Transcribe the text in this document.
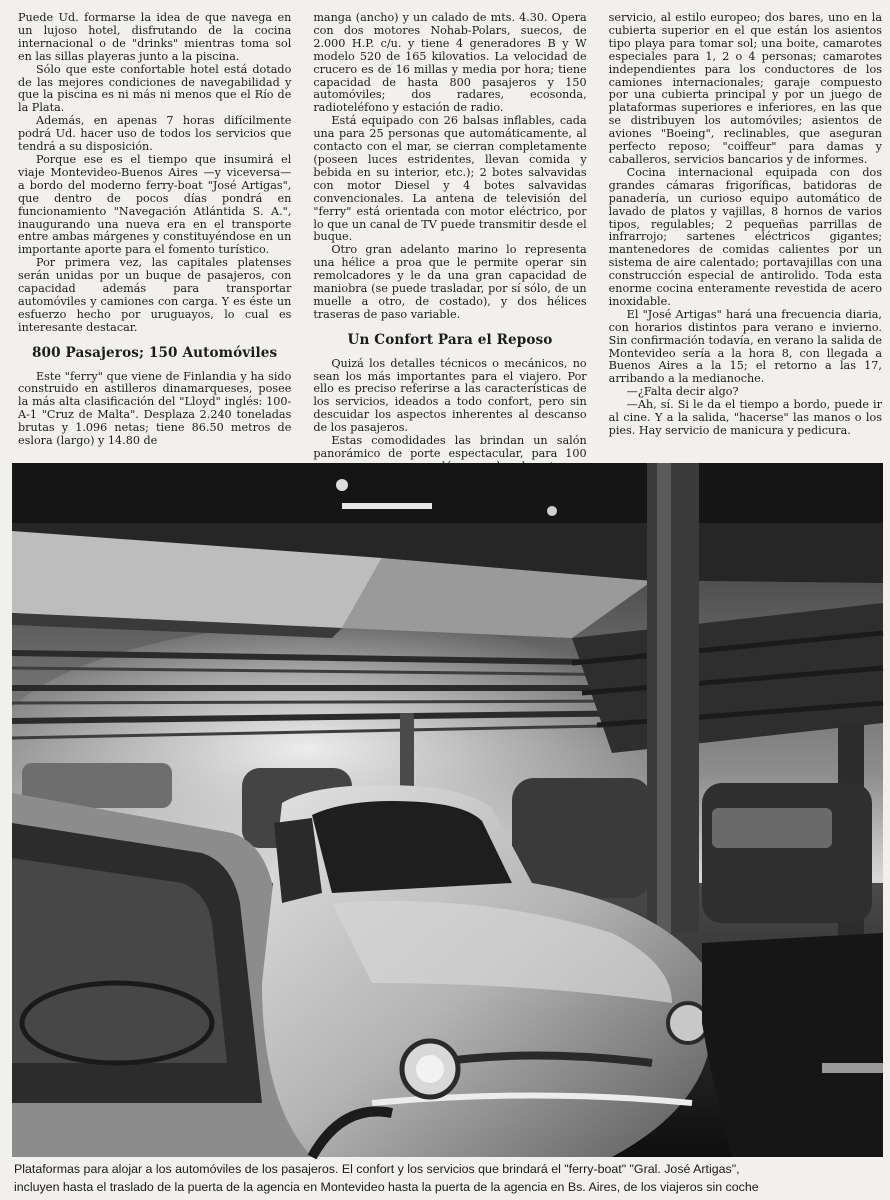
Puede Ud. formarse la idea de que navega en un lujoso hotel, disfrutando de la cocina internacional o de "drinks" mientras toma sol en las sillas playeras junto a la piscina.

Sólo que este confortable hotel está dotado de las mejores condiciones de navegabilidad y que la piscina es ni más ni menos que el Río de la Plata.

Además, en apenas 7 horas difícilmente podrá Ud. hacer uso de todos los servicios que tendrá a su disposición.

Porque ese es el tiempo que insumirá el viaje Montevideo-Buenos Aires —y viceversa— a bordo del moderno ferry-boat "José Artigas", que dentro de pocos días pondrá en funcionamiento "Navegación Atlántida S. A.", inaugurando una nueva era en el transporte entre ambas márgenes y constituyéndose en un importante aporte para el fomento turístico.

Por primera vez, las capitales platenses serán unidas por un buque de pasajeros, con capacidad además para transportar automóviles y camiones con carga. Y es éste un esfuerzo hecho por uruguayos, lo cual es interesante destacar.

800 Pasajeros; 150 Automóviles

Este "ferry" que viene de Finlandia y ha sido construido en astilleros dinamarqueses, posee la más alta clasificación del "Lloyd" inglés: 100-A-1 "Cruz de Malta". Desplaza 2.240 toneladas brutas y 1.096 netas; tiene 86.50 metros de eslora (largo) y 14.80 de

manga (ancho) y un calado de mts. 4.30. Opera con dos motores Nohab-Polars, suecos, de 2.000 H.P. c/u. y tiene 4 generadores B y W modelo 520 de 165 kilovatios. La velocidad de crucero es de 16 millas y media por hora; tiene capacidad de hasta 800 pasajeros y 150 automóviles; dos radares, ecosonda, radioteléfono y estación de radio.

Está equipado con 26 balsas inflables, cada una para 25 personas que automáticamente, al contacto con el mar, se cierran completamente (poseen luces estridentes, llevan comida y bebida en su interior, etc.); 2 botes salvavidas con motor Diesel y 4 botes salvavidas convencionales. La antena de televisión del "ferry" está orientada con motor eléctrico, por lo que un canal de TV puede transmitir desde el buque.

Otro gran adelanto marino lo representa una hélice a proa que le permite operar sin remolcadores y le da una gran capacidad de maniobra (se puede trasladar, por sí sólo, de un muelle a otro, de costado), y dos hélices traseras de paso variable.

Un Confort Para el Reposo

Quizá los detalles técnicos o mecánicos, no sean los más importantes para el viajero. Por ello es preciso referirse a las características de los servicios, ideados a todo confort, pero sin descuidar los aspectos inherentes al descanso de los pasajeros.

Estas comodidades las brindan un salón panorámico de porte espectacular, para 100

servicio, al estilo europeo; dos bares, uno en la cubierta superior en el que están los asientos tipo playa para tomar sol; una boite, camarotes especiales para 1, 2 o 4 personas; camarotes independientes para los conductores de los camiones internacionales; garaje compuesto por una cubierta principal y por un juego de plataformas superiores e inferiores, en las que se distribuyen los automóviles; asientos de aviones "Boeing", reclinables, que aseguran perfecto reposo; "coiffeur" para damas y caballeros, servicios bancarios y de informes.

Cocina internacional equipada con dos grandes cámaras frigoríficas, batidoras de panadería, un curioso equipo automático de lavado de platos y vajillas, 8 hornos de varios tipos, regulables; 2 pequeñas parrillas de infrarrojo; sartenes eléctricos gigantes; mantenedores de comidas calientes por un sistema de aire calentado; portavajillas con una construcción especial de antirolido. Toda esta enorme cocina enteramente revestida de acero inoxidable.

El "José Artigas" hará una frecuencia diaria, con horarios distintos para verano e invierno. Sin confirmación todavía, en verano la salida de Montevideo sería a la hora 8, con llegada a Buenos Aires a la 15; el retorno a las 17, arribando a la medianoche.

—¿Falta decir algo?

—Ah, sí. Si le da el tiempo a bordo, puede ir al cine. Y a la salida, "hacerse" las manos o los pies. Hay servicio de manicura y pedicura.

Plataformas para alojar a los automóviles de los pasajeros. El confort y los servicios que brindará el "ferry-boat" "Gral. José Artigas",
incluyen hasta el traslado de la puerta de la agencia en Montevideo hasta la puerta de la agencia en Bs. Aires, de los viajeros sin coche
